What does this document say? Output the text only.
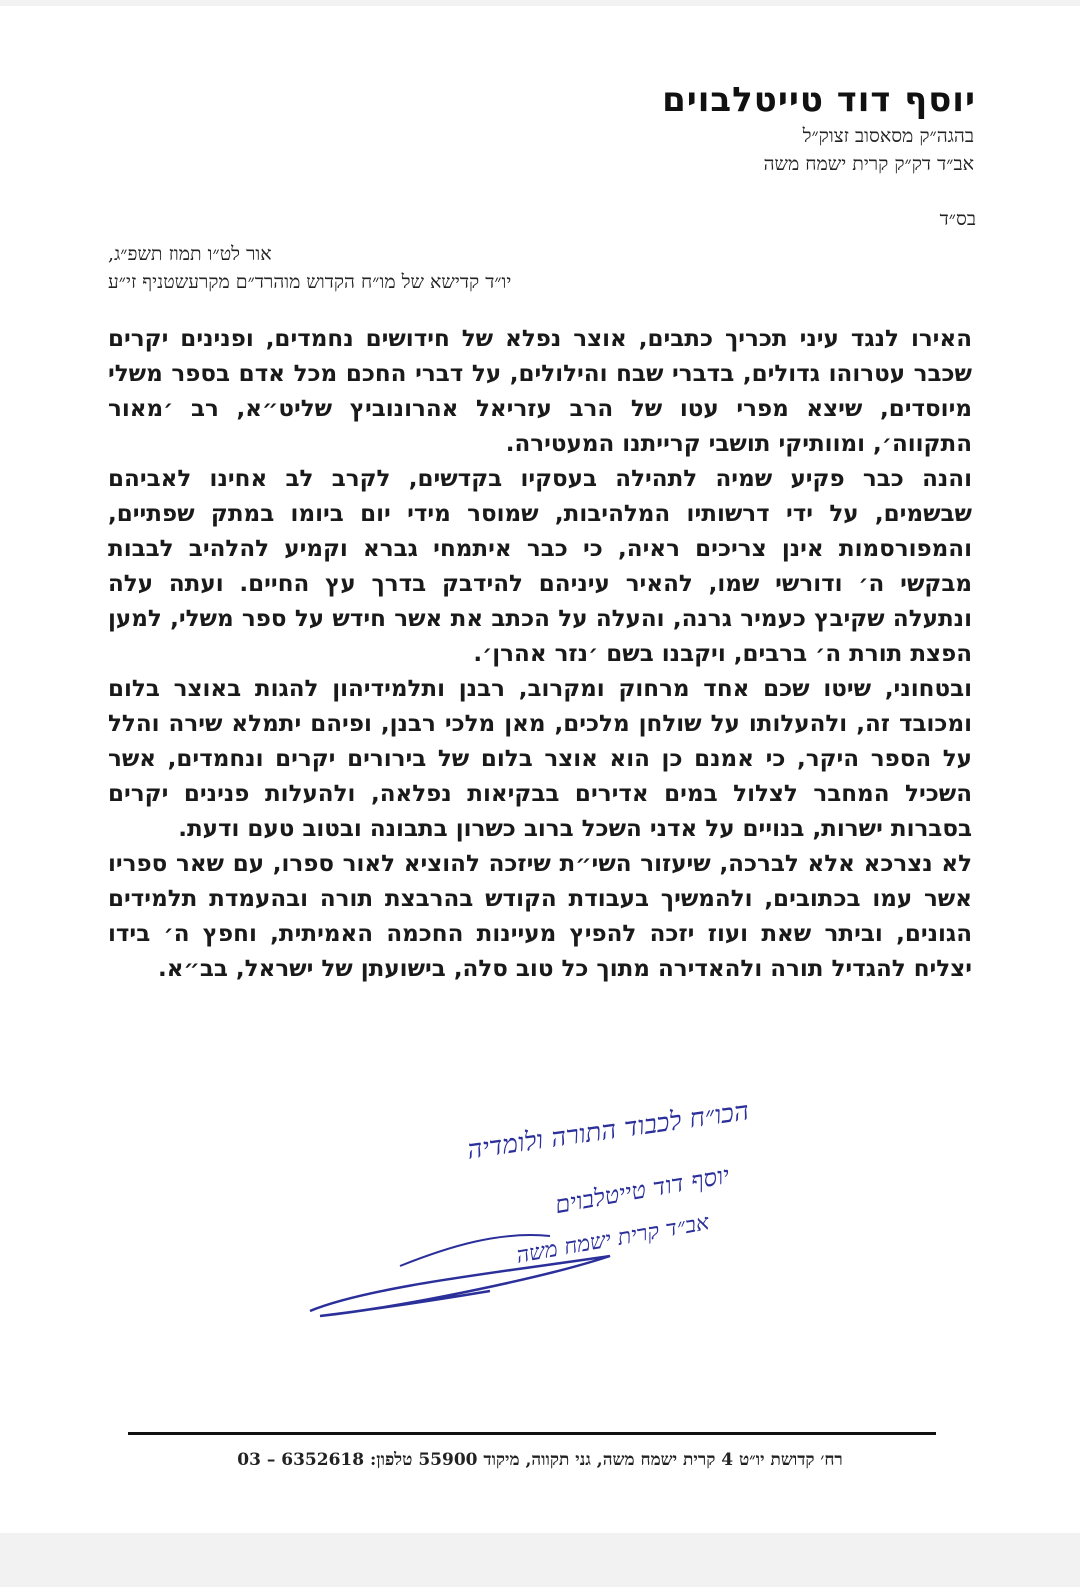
יוסף דוד טייטלבוים
בהגה״ק מסאסוב זצוק״ל
אב״ד דק״ק קרית ישמח משה
בס״ד
אור לט״ו תמוז תשפ״ג,
יו״ד קדישא של מו״ח הקדוש מוהרד״ם מקרעשטניף זי״ע

האירו לנגד עיני תכריך כתבים, אוצר נפלא של חידושים נחמדים, ופנינים יקרים שכבר עטרוהו גדולים, בדברי שבח והילולים, על דברי החכם מכל אדם בספר משלי מיוסדים, שיצא מפרי עטו של הרב עזריאל אהרונוביץ שליט״א, רב ׳מאור התקווה׳, ומוותיקי תושבי קרייתנו המעטירה.

והנה כבר פקיע שמיה לתהילה בעסקיו בקדשים, לקרב לב אחינו לאביהם שבשמים, על ידי דרשותיו המלהיבות, שמוסר מידי יום ביומו במתק שפתיים, והמפורסמות אינן צריכים ראיה, כי כבר איתמחי גברא וקמיע להלהיב לבבות מבקשי ה׳ ודורשי שמו, להאיר עיניהם להידבק בדרך עץ החיים. ועתה עלה ונתעלה שקיבץ כעמיר גרנה, והעלה על הכתב את אשר חידש על ספר משלי, למען הפצת תורת ה׳ ברבים, ויקבנו בשם ׳נזר אהרן׳.

ובטחוני, שיטו שכם אחד מרחוק ומקרוב, רבנן ותלמידיהון להגות באוצר בלום ומכובד זה, ולהעלותו על שולחן מלכים, מאן מלכי רבנן, ופיהם יתמלא שירה והלל על הספר היקר, כי אמנם כן הוא אוצר בלום של בירורים יקרים ונחמדים, אשר השכיל המחבר לצלול במים אדירים בבקיאות נפלאה, ולהעלות פנינים יקרים בסברות ישרות, בנויים על אדני השכל ברוב כשרון בתבונה ובטוב טעם ודעת.

לא נצרכא אלא לברכה, שיעזור השי״ת שיזכה להוציא לאור ספרו, עם שאר ספריו אשר עמו בכתובים, ולהמשיך בעבודת הקודש בהרבצת תורה ובהעמדת תלמידים הגונים, וביתר שאת ועוז יזכה להפיץ מעיינות החכמה האמיתית, וחפץ ה׳ בידו יצליח להגדיל תורה ולהאדירה מתוך כל טוב סלה, בישועתן של ישראל, בב״א.

הכו״ח לכבוד התורה ולומדיה
יוסף דוד טייטלבוים
אב״ד קרית ישמח משה
רח׳ קדושת יו״ט 4 קרית ישמח משה, גני תקווה, מיקוד 55900 טלפון: 6352618 – 03
